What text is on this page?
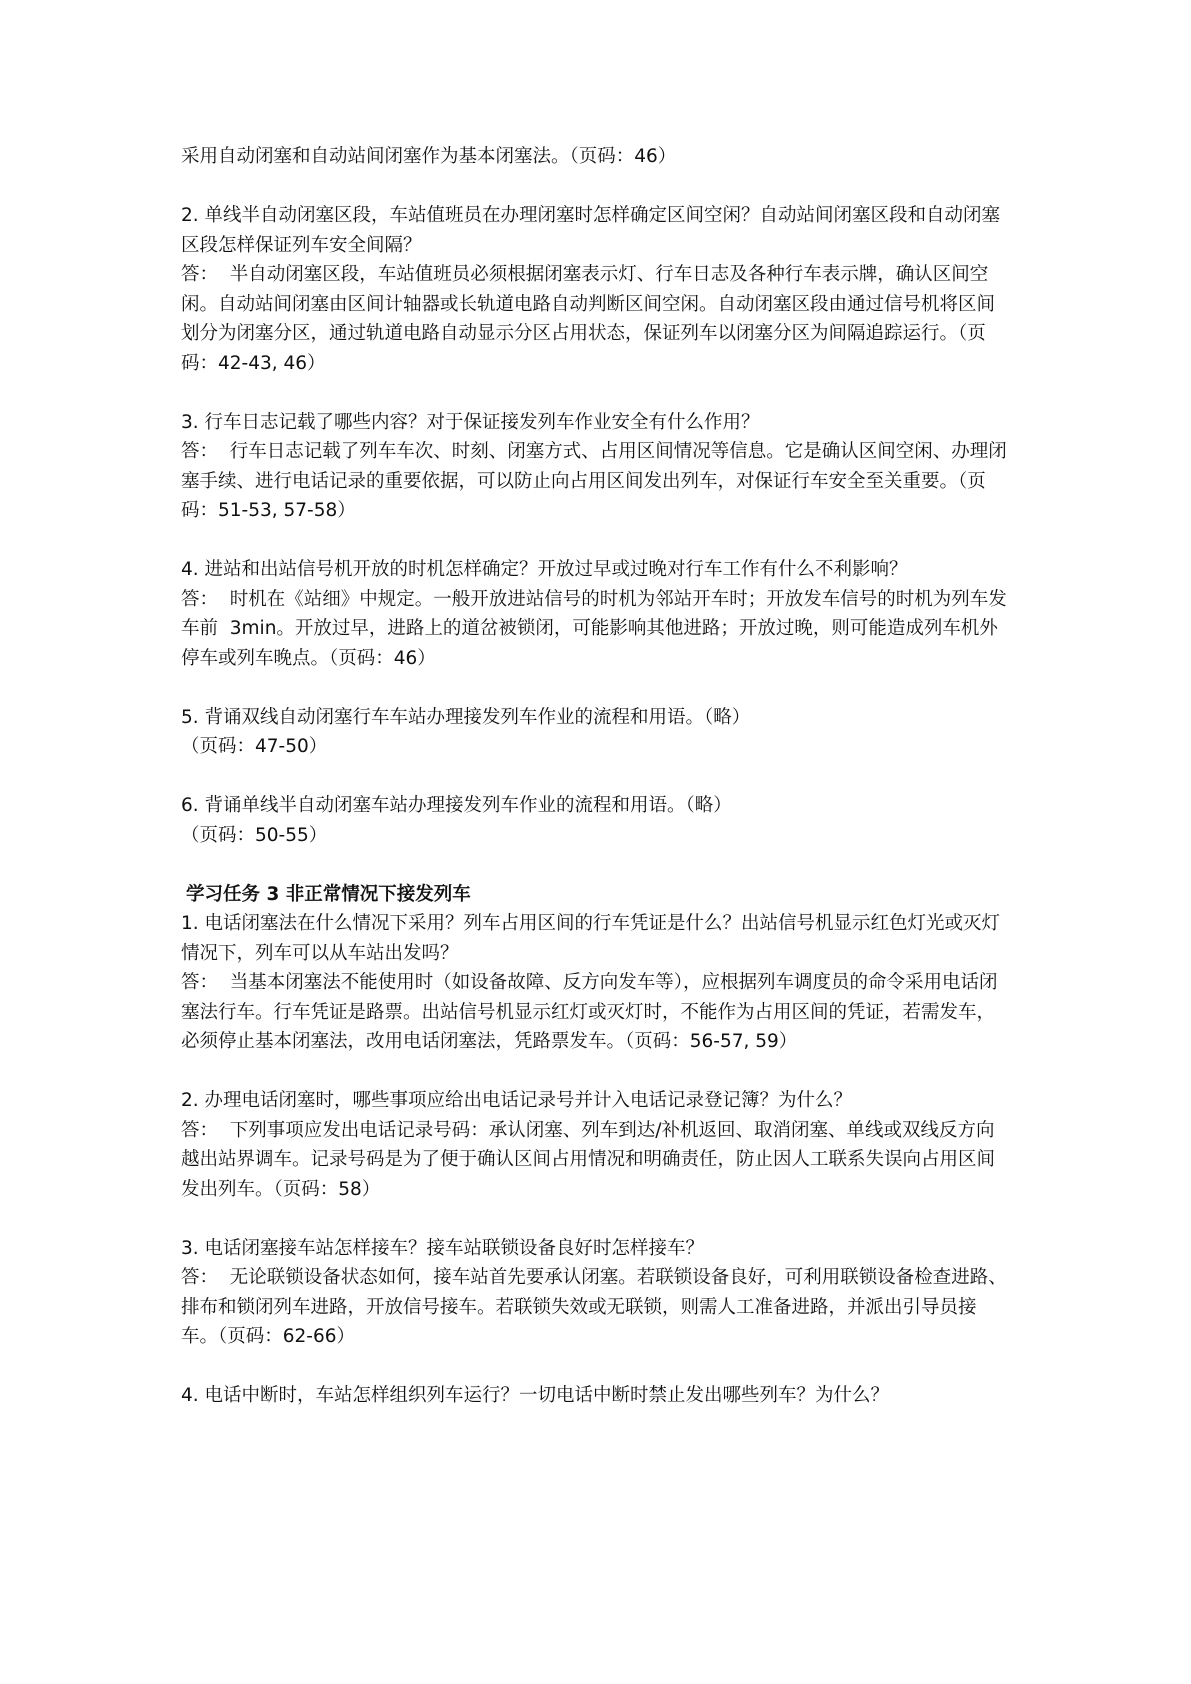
采用自动闭塞和自动站间闭塞作为基本闭塞法。（页码：46）

2. 单线半自动闭塞区段，车站值班员在办理闭塞时怎样确定区间空闲？自动站间闭塞区段和自动闭塞区段怎样保证列车安全间隔？

答：  半自动闭塞区段，车站值班员必须根据闭塞表示灯、行车日志及各种行车表示牌，确认区间空闲。自动站间闭塞由区间计轴器或长轨道电路自动判断区间空闲。自动闭塞区段由通过信号机将区间划分为闭塞分区，通过轨道电路自动显示分区占用状态，保证列车以闭塞分区为间隔追踪运行。（页码：42-43, 46）

3. 行车日志记载了哪些内容？对于保证接发列车作业安全有什么作用？

答：  行车日志记载了列车车次、时刻、闭塞方式、占用区间情况等信息。它是确认区间空闲、办理闭塞手续、进行电话记录的重要依据，可以防止向占用区间发出列车，对保证行车安全至关重要。（页码：51-53, 57-58）

4. 进站和出站信号机开放的时机怎样确定？开放过早或过晚对行车工作有什么不利影响？

答：  时机在《站细》中规定。一般开放进站信号的时机为邻站开车时；开放发车信号的时机为列车发车前  3min。开放过早，进路上的道岔被锁闭，可能影响其他进路；开放过晚，则可能造成列车机外停车或列车晚点。（页码：46）

5. 背诵双线自动闭塞行车车站办理接发列车作业的流程和用语。（略）

（页码：47-50）

6. 背诵单线半自动闭塞车站办理接发列车作业的流程和用语。（略）

（页码：50-55）

学习任务 3 非正常情况下接发列车

1. 电话闭塞法在什么情况下采用？列车占用区间的行车凭证是什么？出站信号机显示红色灯光或灭灯情况下，列车可以从车站出发吗？

答：  当基本闭塞法不能使用时（如设备故障、反方向发车等），应根据列车调度员的命令采用电话闭塞法行车。行车凭证是路票。出站信号机显示红灯或灭灯时，不能作为占用区间的凭证，若需发车，必须停止基本闭塞法，改用电话闭塞法，凭路票发车。（页码：56-57, 59）

2. 办理电话闭塞时，哪些事项应给出电话记录号并计入电话记录登记簿？为什么？

答：  下列事项应发出电话记录号码：承认闭塞、列车到达/补机返回、取消闭塞、单线或双线反方向越出站界调车。记录号码是为了便于确认区间占用情况和明确责任，防止因人工联系失误向占用区间发出列车。（页码：58）

3. 电话闭塞接车站怎样接车？接车站联锁设备良好时怎样接车？

答：  无论联锁设备状态如何，接车站首先要承认闭塞。若联锁设备良好，可利用联锁设备检查进路、排布和锁闭列车进路，开放信号接车。若联锁失效或无联锁，则需人工准备进路，并派出引导员接车。（页码：62-66）

4. 电话中断时，车站怎样组织列车运行？一切电话中断时禁止发出哪些列车？为什么？
